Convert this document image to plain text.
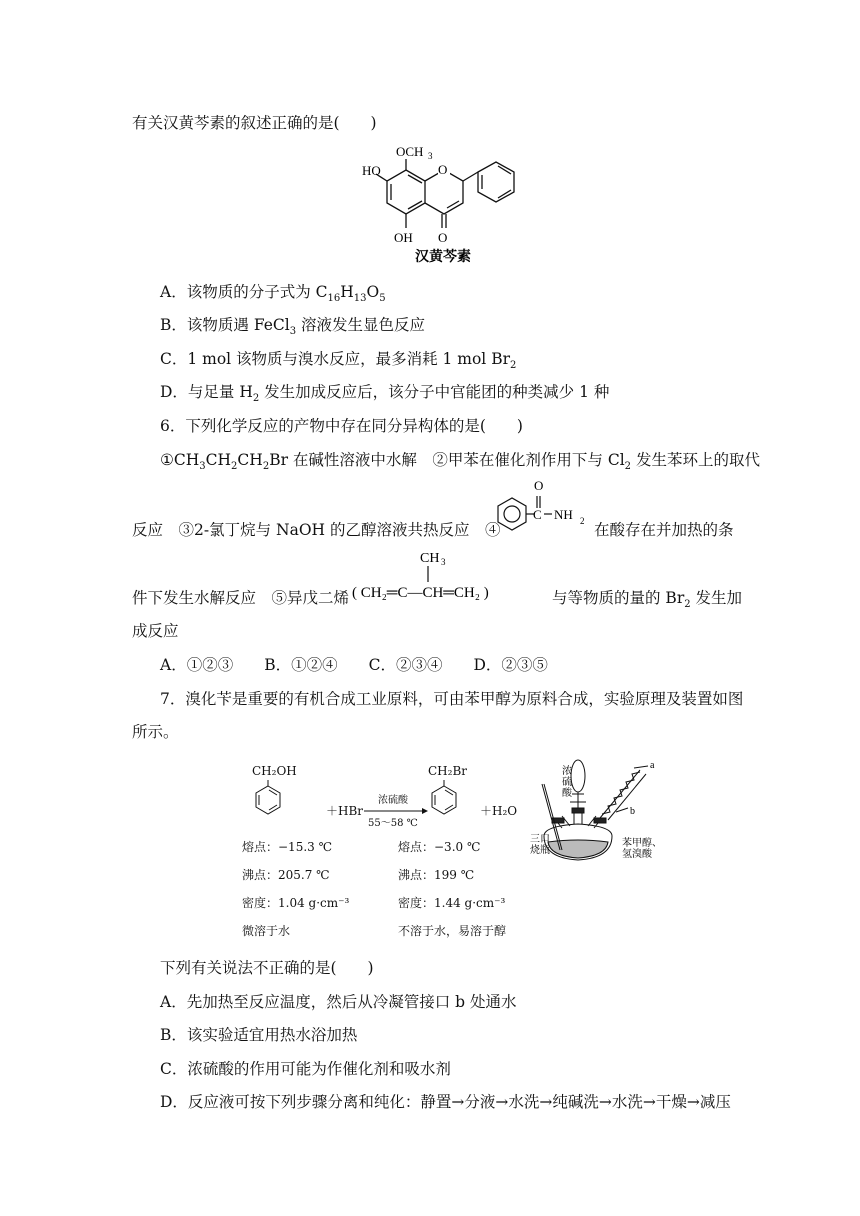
有关汉黄芩素的叙述正确的是(　　)
O
HO
OCH 3
OH O
汉黄芩素
A．该物质的分子式为 $C_{16}H_{13}O_5$
B．该物质遇 FeCl$_3$ 溶液发生显色反应
C．1 mol 该物质与溴水反应，最多消耗 1 mol $Br_2$
D．与足量 $H_2$ 发生加成反应后，该分子中官能团的种类减少 1 种
6．下列化学反应的产物中存在同分异构体的是(　　)
$①CH_3CH_2CH_2Br$ 在碱性溶液中水解　②甲苯在催化剂作用下与 $Cl_2$ 发生苯环上的取代
反应　③2-氯丁烷与 NaOH 的乙醇溶液共热反应　④
O
C NH 2 在酸存在并加热的条
件下发生水解反应　⑤异戊二烯
CH 3
( CH₂═C—CH═CH₂ )	与等物质的量的 $Br_2$ 发生加
成反应
A．①②③　　B．①②④　　C．②③④　　D．②③⑤
7．溴化苄是重要的有机合成工业原料，可由苯甲醇为原料合成，实验原理及装置如图
所示。
CH₂OH
＋HBr
浓硫酸
55～58 ℃
CH₂Br
＋H₂O
熔点：−15.3 ℃
沸点：205.7 ℃
密度：1.04 g·cm⁻³
微溶于水
熔点：−3.0 ℃
沸点：199 ℃
密度：1.44 g·cm⁻³
不溶于水，易溶于醇
浓
硫
酸
a
b
三口
烧瓶
苯甲醇、
氢溴酸
下列有关说法不正确的是(　　)
A．先加热至反应温度，然后从冷凝管接口 b 处通水
B．该实验适宜用热水浴加热
C．浓硫酸的作用可能为作催化剂和吸水剂
D．反应液可按下列步骤分离和纯化：静置→分液→水洗→纯碱洗→水洗→干燥→减压
